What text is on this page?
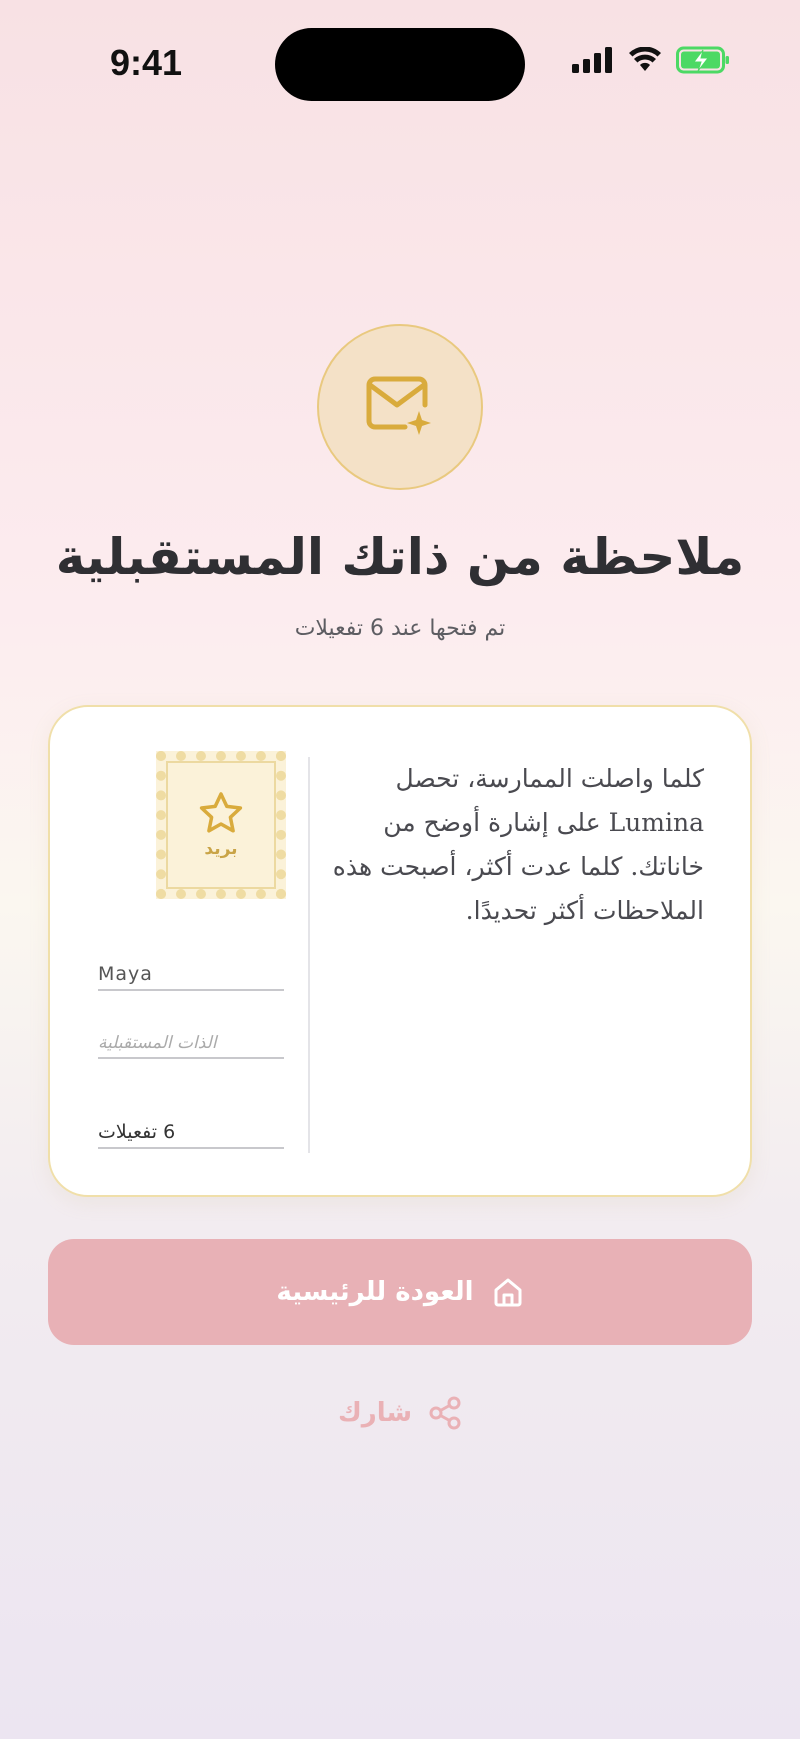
9:41
ملاحظة من ذاتك المستقبلية
تم فتحها عند 6 تفعيلات
كلما واصلت الممارسة، تحصل
Lumina على إشارة أوضح من
خاناتك. كلما عدت أكثر، أصبحت هذه
الملاحظات أكثر تحديدًا.
بريد
Maya
الذات المستقبلية
6 تفعيلات
العودة للرئيسية
شارك
